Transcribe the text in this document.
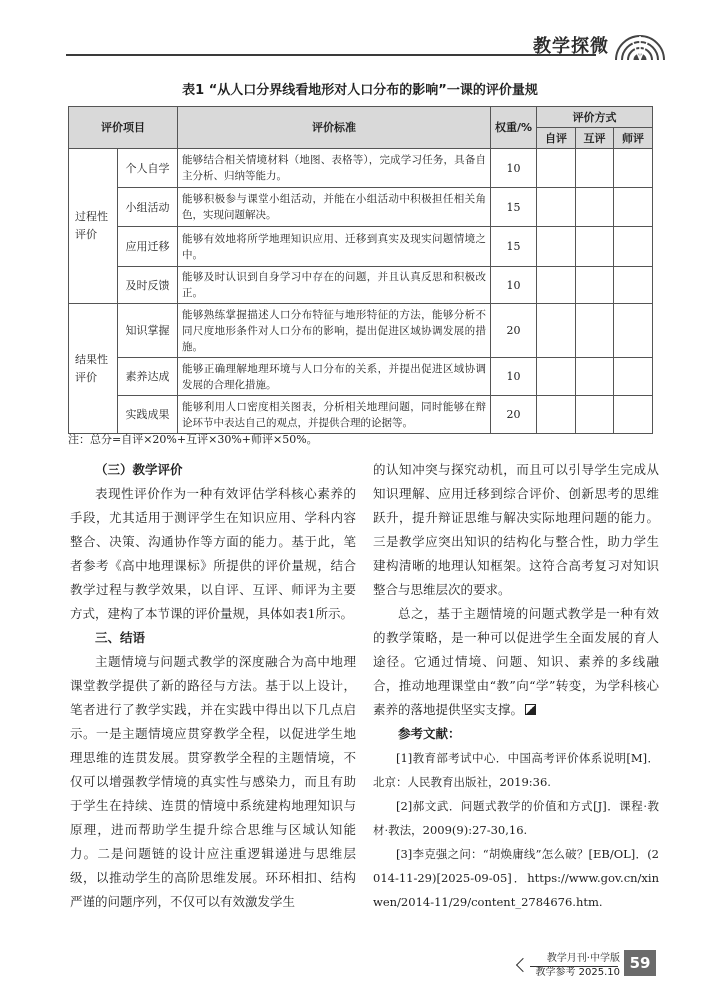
教学探微
表1 “从人口分界线看地形对人口分布的影响”一课的评价量规
评价项目		评价标准	权重/%	评价方式		
				自评	互评	师评
过程性评价	个人自学	能够结合相关情境材料（地图、表格等），完成学习任务，具备自主分析、归纳等能力。	10			
	小组活动	能够积极参与课堂小组活动，并能在小组活动中积极担任相关角色，实现问题解决。	15			
	应用迁移	能够有效地将所学地理知识应用、迁移到真实及现实问题情境之中。	15			
	及时反馈	能够及时认识到自身学习中存在的问题，并且认真反思和积极改正。	10			
结果性评价	知识掌握	能够熟练掌握描述人口分布特征与地形特征的方法，能够分析不同尺度地形条件对人口分布的影响，提出促进区域协调发展的措施。	20			
	素养达成	能够正确理解地理环境与人口分布的关系，并提出促进区域协调发展的合理化措施。	10			
	实践成果	能够利用人口密度相关图表，分析相关地理问题，同时能够在辩论环节中表达自己的观点，并提供合理的论据等。	20			
注：总分=自评×20%+互评×30%+师评×50%。
（三）教学评价

表现性评价作为一种有效评估学科核心素养的手段，尤其适用于测评学生在知识应用、学科内容整合、决策、沟通协作等方面的能力。基于此，笔者参考《高中地理课标》所提供的评价量规，结合教学过程与教学效果，以自评、互评、师评为主要方式，建构了本节课的评价量规，具体如表1所示。

三、结语

主题情境与问题式教学的深度融合为高中地理课堂教学提供了新的路径与方法。基于以上设计，笔者进行了教学实践，并在实践中得出以下几点启示。一是主题情境应贯穿教学全程，以促进学生地理思维的连贯发展。贯穿教学全程的主题情境，不仅可以增强教学情境的真实性与感染力，而且有助于学生在持续、连贯的情境中系统建构地理知识与原理，进而帮助学生提升综合思维与区域认知能力。二是问题链的设计应注重逻辑递进与思维层级，以推动学生的高阶思维发展。环环相扣、结构严谨的问题序列，不仅可以有效激发学生

的认知冲突与探究动机，而且可以引导学生完成从知识理解、应用迁移到综合评价、创新思考的思维跃升，提升辩证思维与解决实际地理问题的能力。三是教学应突出知识的结构化与整合性，助力学生建构清晰的地理认知框架。这符合高考复习对知识整合与思维层次的要求。

总之，基于主题情境的问题式教学是一种有效的教学策略，是一种可以促进学生全面发展的育人途径。它通过情境、问题、知识、素养的多线融合，推动地理课堂由“教”向“学”转变，为学科核心素养的落地提供坚实支撑。

参考文献：

[1]教育部考试中心．中国高考评价体系说明[M]．北京：人民教育出版社，2019:36.

[2]郝文武．问题式教学的价值和方式[J]．课程·教材·教法，2009(9):27-30,16.

[3]李克强之问：“胡焕庸线”怎么破？[EB/OL]．(2014-11-29)[2025-09-05]．https://www.gov.cn/xinwen/2014-11/29/content_2784676.htm.

教学月刊·中学版
教学参考 2025.10
59
